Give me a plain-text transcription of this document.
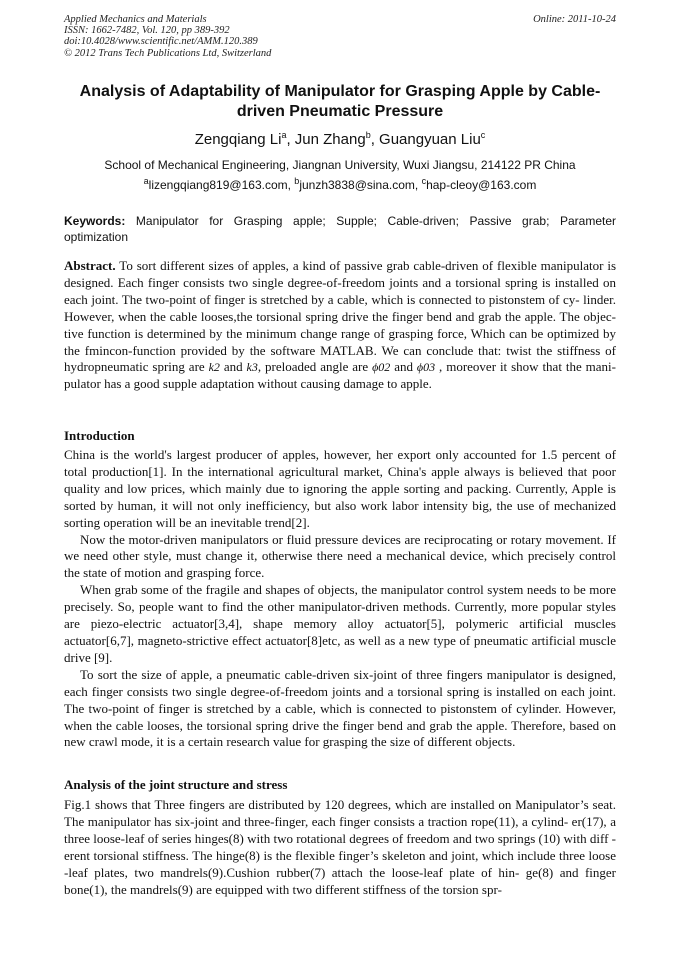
Applied Mechanics and Materials
ISSN: 1662-7482, Vol. 120, pp 389-392
doi:10.4028/www.scientific.net/AMM.120.389
© 2012 Trans Tech Publications Ltd, Switzerland
Online: 2011-10-24
Analysis of Adaptability of Manipulator for Grasping Apple by Cable-driven Pneumatic Pressure
Zengqiang Li$^a$, Jun Zhang$^b$, Guangyuan Liu$^c$
School of Mechanical Engineering, Jiangnan University, Wuxi Jiangsu, 214122 PR China
$^a$lizengqiang819@163.com, $^b$junzh3838@sina.com, $^c$hap-cleoy@163.com
Keywords: Manipulator for Grasping apple; Supple; Cable-driven; Passive grab; Parameter optimization

Abstract. To sort different sizes of apples, a kind of passive grab cable-driven of flexible manipulator is designed. Each finger consists two single degree-of-freedom joints and a torsional spring is installed on each joint. The two-point of finger is stretched by a cable, which is connected to pistonstem of cy- linder. However, when the cable looses,the torsional spring drive the finger bend and grab the apple. The objec- tive function is determined by the minimum change range of grasping force, Which can be optimized by the fmincon-function provided by the software MATLAB. We can conclude that: twist the stiffness of hydropneumatic spring are k2 and k3, preloaded angle are ϕ02 and ϕ03 , moreover it show that the mani- pulator has a good supple adaptation without causing damage to apple.

Introduction

China is the world's largest producer of apples, however, her export only accounted for 1.5 percent of total production[1]. In the international agricultural market, China's apple always is believed that poor quality and low prices, which mainly due to ignoring the apple sorting and packing. Currently, Apple is sorted by human, it will not only inefficiency, but also work labor intensity big, the use of mechanized sorting operation will be an inevitable trend[2].

Now the motor-driven manipulators or fluid pressure devices are reciprocating or rotary movement. If we need other style, must change it, otherwise there need a mechanical device, which precisely control the state of motion and grasping force.

When grab some of the fragile and shapes of objects, the manipulator control system needs to be more precisely. So, people want to find the other manipulator-driven methods. Currently, more popular styles are piezo-electric actuator[3,4], shape memory alloy actuator[5], polymeric artificial muscles actuator[6,7], magneto-strictive effect actuator[8]etc, as well as a new type of pneumatic artificial muscle drive [9].

To sort the size of apple, a pneumatic cable-driven six-joint of three fingers manipulator is designed, each finger consists two single degree-of-freedom joints and a torsional spring is installed on each joint. The two-point of finger is stretched by a cable, which is connected to pistonstem of cylinder. However, when the cable looses, the torsional spring drive the finger bend and grab the apple. Therefore, based on new crawl mode, it is a certain research value for grasping the size of different objects.

Analysis of the joint structure and stress

Fig.1 shows that Three fingers are distributed by 120 degrees, which are installed on Manipulator’s seat. The manipulator has six-joint and three-finger, each finger consists a traction rope(11), a cylind- er(17), a three loose-leaf of series hinges(8) with two rotational degrees of freedom and two springs (10) with diff -erent torsional stiffness. The hinge(8) is the flexible finger’s skeleton and joint, which include three loose -leaf plates, two mandrels(9).Cushion rubber(7) attach the loose-leaf plate of hin- ge(8) and finger bone(1), the mandrels(9) are equipped with two different stiffness of the torsion spr-
